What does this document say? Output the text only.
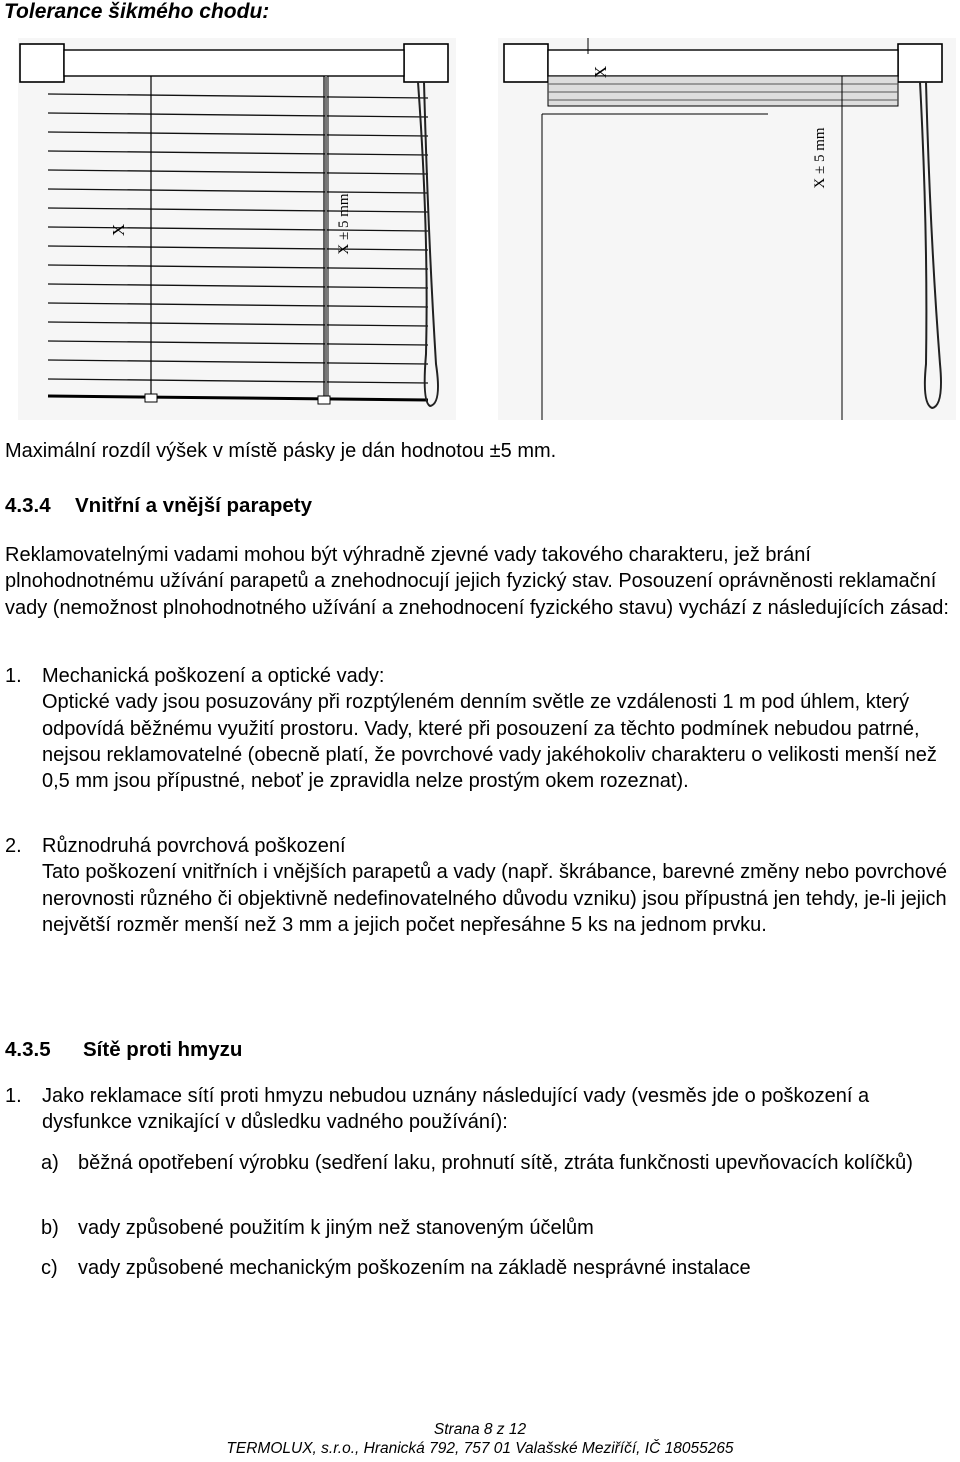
Tolerance šikmého chodu:
X	X ± 5 mm
X
X ± 5 mm

Maximální rozdíl výšek v místě pásky je dán hodnotou ±5 mm.

4.3.4 Vnitřní a vnější parapety

Reklamovatelnými vadami mohou být výhradně zjevné vady takového charakteru, jež brání plnohodnotnému užívání parapetů a znehodnocují jejich fyzický stav. Posouzení oprávněnosti reklamační vady (nemožnost plnohodnotného užívání a znehodnocení fyzického stavu) vychází z následujících zásad:

1. Mechanická poškození a optické vady:
Optické vady jsou posuzovány při rozptýleném denním světle ze vzdálenosti 1 m pod úhlem, který odpovídá běžnému využití prostoru. Vady, které při posouzení za těchto podmínek nebudou patrné, nejsou reklamovatelné (obecně platí, že povrchové vady jakéhokoliv charakteru o velikosti menší než 0,5 mm jsou přípustné, neboť je zpravidla nelze prostým okem rozeznat).
2. Různodruhá povrchová poškození
Tato poškození vnitřních i vnějších parapetů a vady (např. škrábance, barevné změny nebo povrchové nerovnosti různého či objektivně nedefinovatelného důvodu vzniku) jsou přípustná jen tehdy, je-li jejich největší rozměr menší než 3 mm a jejich počet nepřesáhne 5 ks na jednom prvku.
4.3.5 Sítě proti hmyzu
1. Jako reklamace sítí proti hmyzu nebudou uznány následující vady (vesměs jde o poškození a dysfunkce vznikající v důsledku vadného používání):
a) běžná opotřebení výrobku (sedření laku, prohnutí sítě, ztráta funkčnosti upevňovacích kolíčků)
b) vady způsobené použitím k jiným než stanoveným účelům
c) vady způsobené mechanickým poškozením na základě nesprávné instalace
Strana 8 z 12
TERMOLUX, s.r.o., Hranická 792, 757 01 Valašské Meziříčí, IČ 18055265
